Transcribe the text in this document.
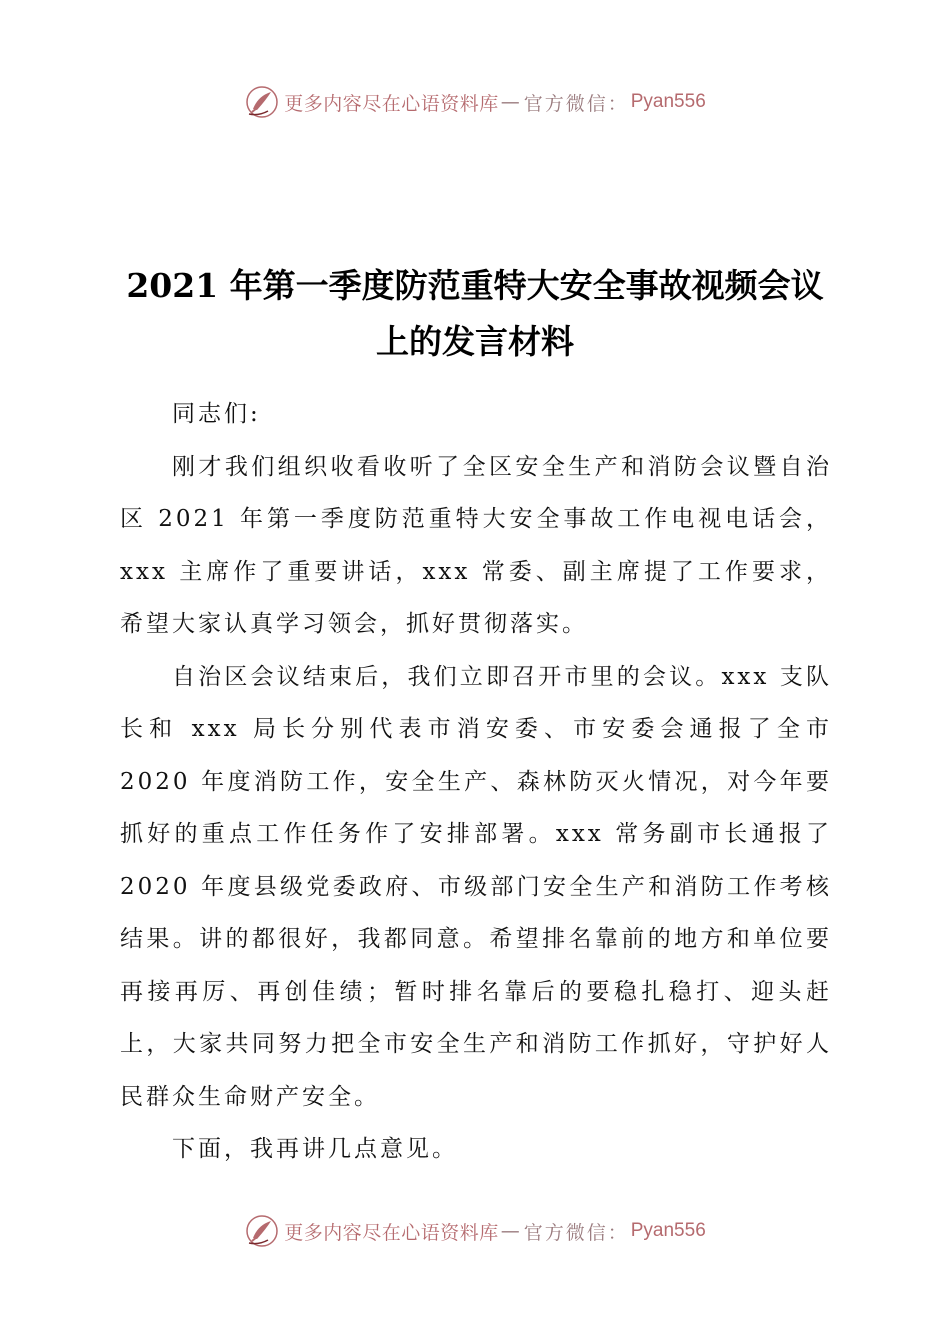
更多内容尽在心语资料库 — 官方微信： Pyan556
2021 年第一季度防范重特大安全事故视频会议
上的发言材料

同志们:

刚才我们组织收看收听了全区安全生产和消防会议暨自治区 2021 年第一季度防范重特大安全事故工作电视电话会，xxx 主席作了重要讲话，xxx 常委、副主席提了工作要求，希望大家认真学习领会，抓好贯彻落实。

自治区会议结束后，我们立即召开市里的会议。xxx 支队长和 xxx 局长分别代表市消安委、市安委会通报了全市 2020 年度消防工作，安全生产、森林防灭火情况，对今年要抓好的重点工作任务作了安排部署。xxx 常务副市长通报了 2020 年度县级党委政府、市级部门安全生产和消防工作考核结果。讲的都很好，我都同意。希望排名靠前的地方和单位要再接再厉、再创佳绩；暂时排名靠后的要稳扎稳打、迎头赶上，大家共同努力把全市安全生产和消防工作抓好，守护好人民群众生命财产安全。

下面，我再讲几点意见。

更多内容尽在心语资料库 — 官方微信： Pyan556
